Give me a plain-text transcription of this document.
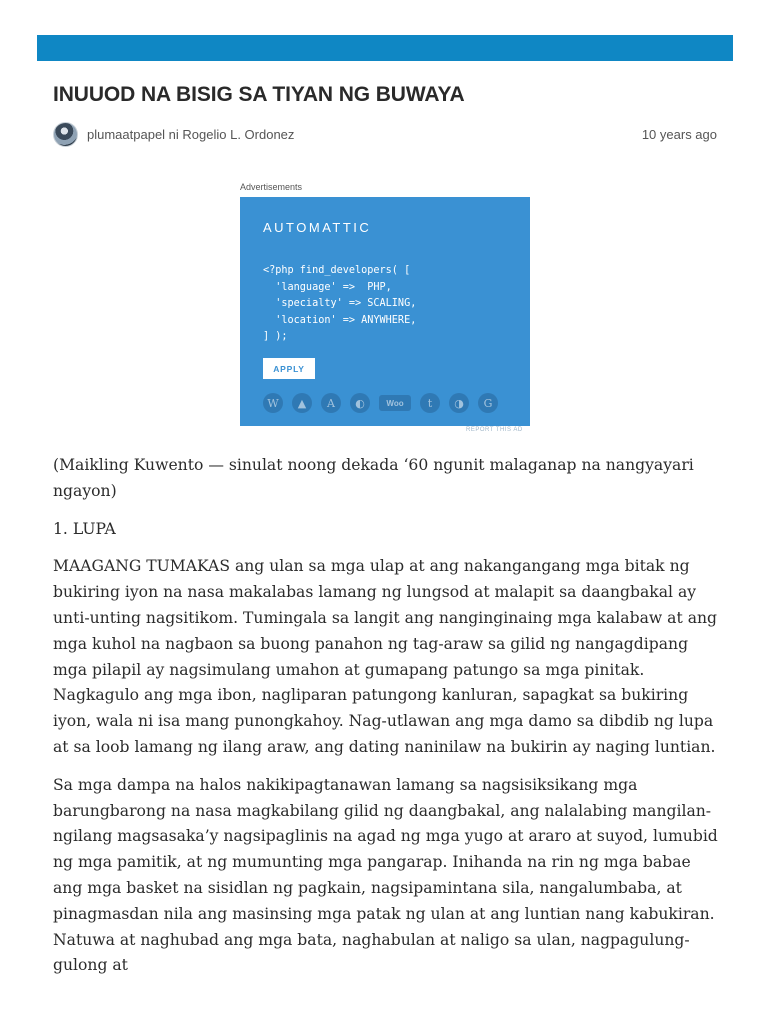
INUUOD NA BISIG SA TIYAN NG BUWAYA
plumaatpapel ni Rogelio L. Ordonez	10 years ago
Advertisements
AUTOMATTIC
<?php find_developers( [
'language' =>  PHP,
'specialty' => SCALING,
'location' => ANYWHERE,
] );
APPLY
W	▲	A	◐	Woo	t	◑	G
REPORT THIS AD

(Maikling Kuwento — sinulat noong dekada ‘60 ngunit malaganap na nangyayari ngayon)

1. LUPA

MAAGANG TUMAKAS ang ulan sa mga ulap at ang nakangangang mga bitak ng bukiring iyon na nasa makalabas lamang ng lungsod at malapit sa daangbakal ay unti-unting nagsitikom. Tumingala sa langit ang nanginginaing mga kalabaw at ang mga kuhol na nagbaon sa buong panahon ng tag-araw sa gilid ng nangagdipang mga pilapil ay nagsimulang umahon at gumapang patungo sa mga pinitak. Nagkagulo ang mga ibon, nagliparan patungong kanluran, sapagkat sa bukiring iyon, wala ni isa mang punongkahoy. Nag-utlawan ang mga damo sa dibdib ng lupa at sa loob lamang ng ilang araw, ang dating naninilaw na bukirin ay naging luntian.

Sa mga dampa na halos nakikipagtanawan lamang sa nagsisiksikang mga barungbarong na nasa magkabilang gilid ng daangbakal, ang nalalabing mangilan-ngilang magsasaka’y nagsipaglinis na agad ng mga yugo at araro at suyod, lumubid ng mga pamitik, at ng mumunting mga pangarap. Inihanda na rin ng mga babae ang mga basket na sisidlan ng pagkain, nagsipamintana sila, nangalumbaba, at pinagmasdan nila ang masinsing mga patak ng ulan at ang luntian nang kabukiran. Natuwa at naghubad ang mga bata, naghabulan at naligo sa ulan, nagpagulung-gulong at
